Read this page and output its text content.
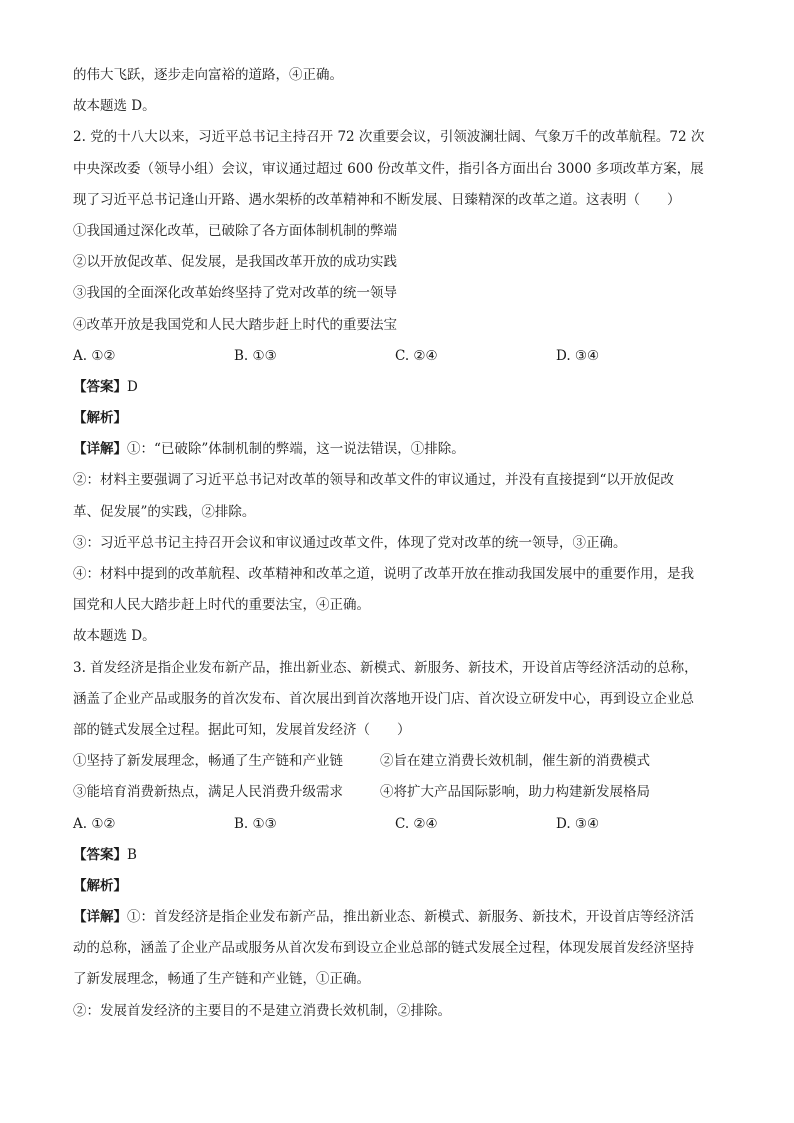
的伟大飞跃，逐步走向富裕的道路，④正确。
故本题选 D。
2. 党的十八大以来，习近平总书记主持召开 72 次重要会议，引领波澜壮阔、气象万千的改革航程。72 次
中央深改委（领导小组）会议，审议通过超过 600 份改革文件，指引各方面出台 3000 多项改革方案，展
现了习近平总书记逢山开路、遇水架桥的改革精神和不断发展、日臻精深的改革之道。这表明（　　）
①我国通过深化改革，已破除了各方面体制机制的弊端
②以开放促改革、促发展，是我国改革开放的成功实践
③我国的全面深化改革始终坚持了党对改革的统一领导
④改革开放是我国党和人民大踏步赶上时代的重要法宝
A. ①②	B. ①③	C. ②④	D. ③④
【答案】D
【解析】
【详解】①：“已破除”体制机制的弊端，这一说法错误，①排除。
②：材料主要强调了习近平总书记对改革的领导和改革文件的审议通过，并没有直接提到“以开放促改
革、促发展”的实践，②排除。
③：习近平总书记主持召开会议和审议通过改革文件，体现了党对改革的统一领导，③正确。
④：材料中提到的改革航程、改革精神和改革之道，说明了改革开放在推动我国发展中的重要作用，是我
国党和人民大踏步赶上时代的重要法宝，④正确。
故本题选 D。
3. 首发经济是指企业发布新产品，推出新业态、新模式、新服务、新技术，开设首店等经济活动的总称，
涵盖了企业产品或服务的首次发布、首次展出到首次落地开设门店、首次设立研发中心，再到设立企业总
部的链式发展全过程。据此可知，发展首发经济（　　）
①坚持了新发展理念，畅通了生产链和产业链	②旨在建立消费长效机制，催生新的消费模式
③能培育消费新热点，满足人民消费升级需求	④将扩大产品国际影响，助力构建新发展格局
A. ①②	B. ①③	C. ②④	D. ③④
【答案】B
【解析】
【详解】①：首发经济是指企业发布新产品，推出新业态、新模式、新服务、新技术，开设首店等经济活
动的总称，涵盖了企业产品或服务从首次发布到设立企业总部的链式发展全过程，体现发展首发经济坚持
了新发展理念，畅通了生产链和产业链，①正确。
②：发展首发经济的主要目的不是建立消费长效机制，②排除。
